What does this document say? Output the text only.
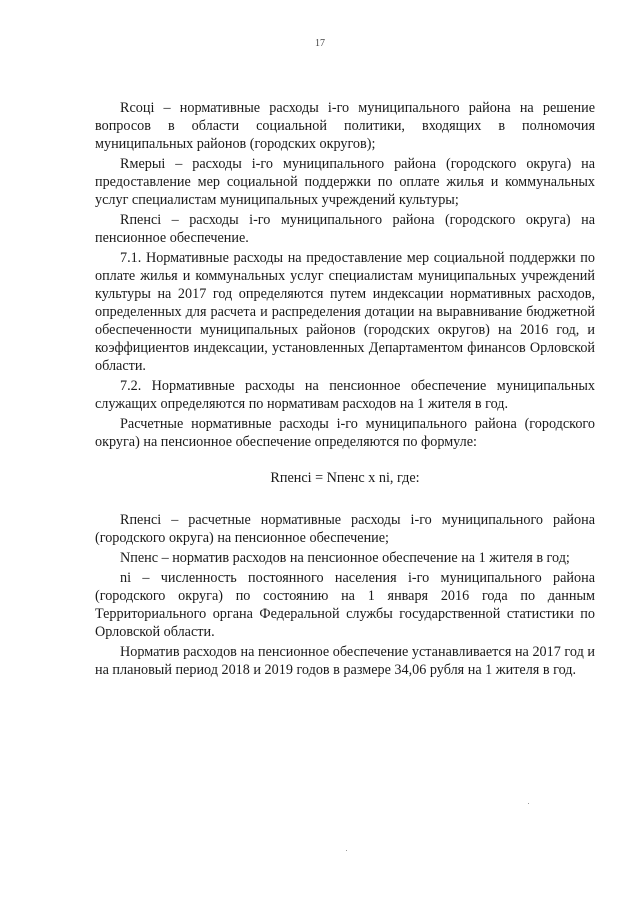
17

Rсоці – нормативные расходы і-го муниципального района на решение вопросов в области социальной политики, входящих в полномочия муниципальных районов (городских округов);

Rмерыі – расходы і-го муниципального района (городского округа) на предоставление мер социальной поддержки по оплате жилья и коммунальных услуг специалистам муниципальных учреждений культуры;

Rпенсі – расходы і-го муниципального района (городского округа) на пенсионное обеспечение.

7.1. Нормативные расходы на предоставление мер социальной поддержки по оплате жилья и коммунальных услуг специалистам муниципальных учреждений культуры на 2017 год определяются путем индексации нормативных расходов, определенных для расчета и распределения дотации на выравнивание бюджетной обеспеченности муниципальных районов (городских округов) на 2016 год, и коэффициентов индексации, установленных Департаментом финансов Орловской области.

7.2. Нормативные расходы на пенсионное обеспечение муниципальных служащих определяются по нормативам расходов на 1 жителя в год.

Расчетные нормативные расходы і-го муниципального района (городского округа) на пенсионное обеспечение определяются по формуле:

Rпенсі = Nпенс х ni, где:

Rпенсі – расчетные нормативные расходы і-го муниципального района (городского округа) на пенсионное обеспечение;

Nпенс – норматив расходов на пенсионное обеспечение на 1 жителя в год;

ni – численность постоянного населения і-го муниципального района (городского округа) по состоянию на 1 января 2016 года по данным Территориального органа Федеральной службы государственной статистики по Орловской области.

Норматив расходов на пенсионное обеспечение устанавливается на 2017 год и на плановый период 2018 и 2019 годов в размере 34,06 рубля на 1 жителя в год.
